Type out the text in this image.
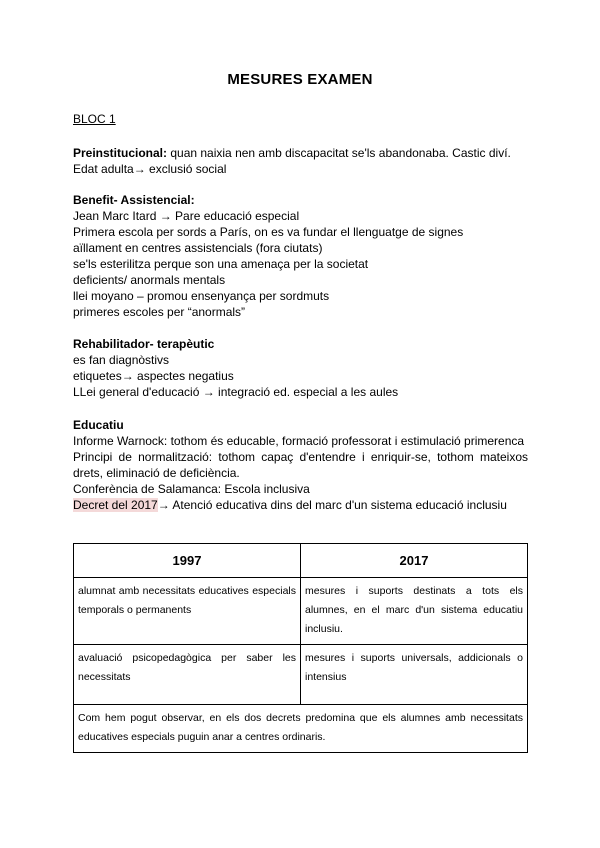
MESURES EXAMEN
BLOC 1

Preinstitucional: quan naixia nen amb discapacitat se'ls abandonaba. Castic diví.

Edat adulta→ exclusió social

Benefit- Assistencial:

Jean Marc Itard → Pare educació especial

Primera escola per sords a París, on es va fundar el llenguatge de signes

aïllament en centres assistencials (fora ciutats)

se'ls esterilitza perque son una amenaça per la societat

deficients/ anormals mentals

llei moyano – promou ensenyança per sordmuts

primeres escoles per “anormals”

Rehabilitador- terapèutic

es fan diagnòstivs

etiquetes→ aspectes negatius

LLei general d'educació → integració ed. especial a les aules

Educatiu

Informe Warnock: tothom és educable, formació professorat i estimulació primerenca

Principi de normalització: tothom capaç d'entendre i enriquir-se, tothom mateixos drets, eliminació de deficiència.

Conferència de Salamanca: Escola inclusiva

Decret del 2017→ Atenció educativa dins del marc d'un sistema educació inclusiu

1997	2017
alumnat amb necessitats educatives especials temporals o permanents	mesures i suports destinats a tots els alumnes, en el marc d'un sistema educatiu inclusiu.
avaluació psicopedagògica per saber les necessitats	mesures i suports universals, addicionals o intensius
Com hem pogut observar, en els dos decrets predomina que els alumnes amb necessitats educatives especials puguin anar a centres ordinaris.	
